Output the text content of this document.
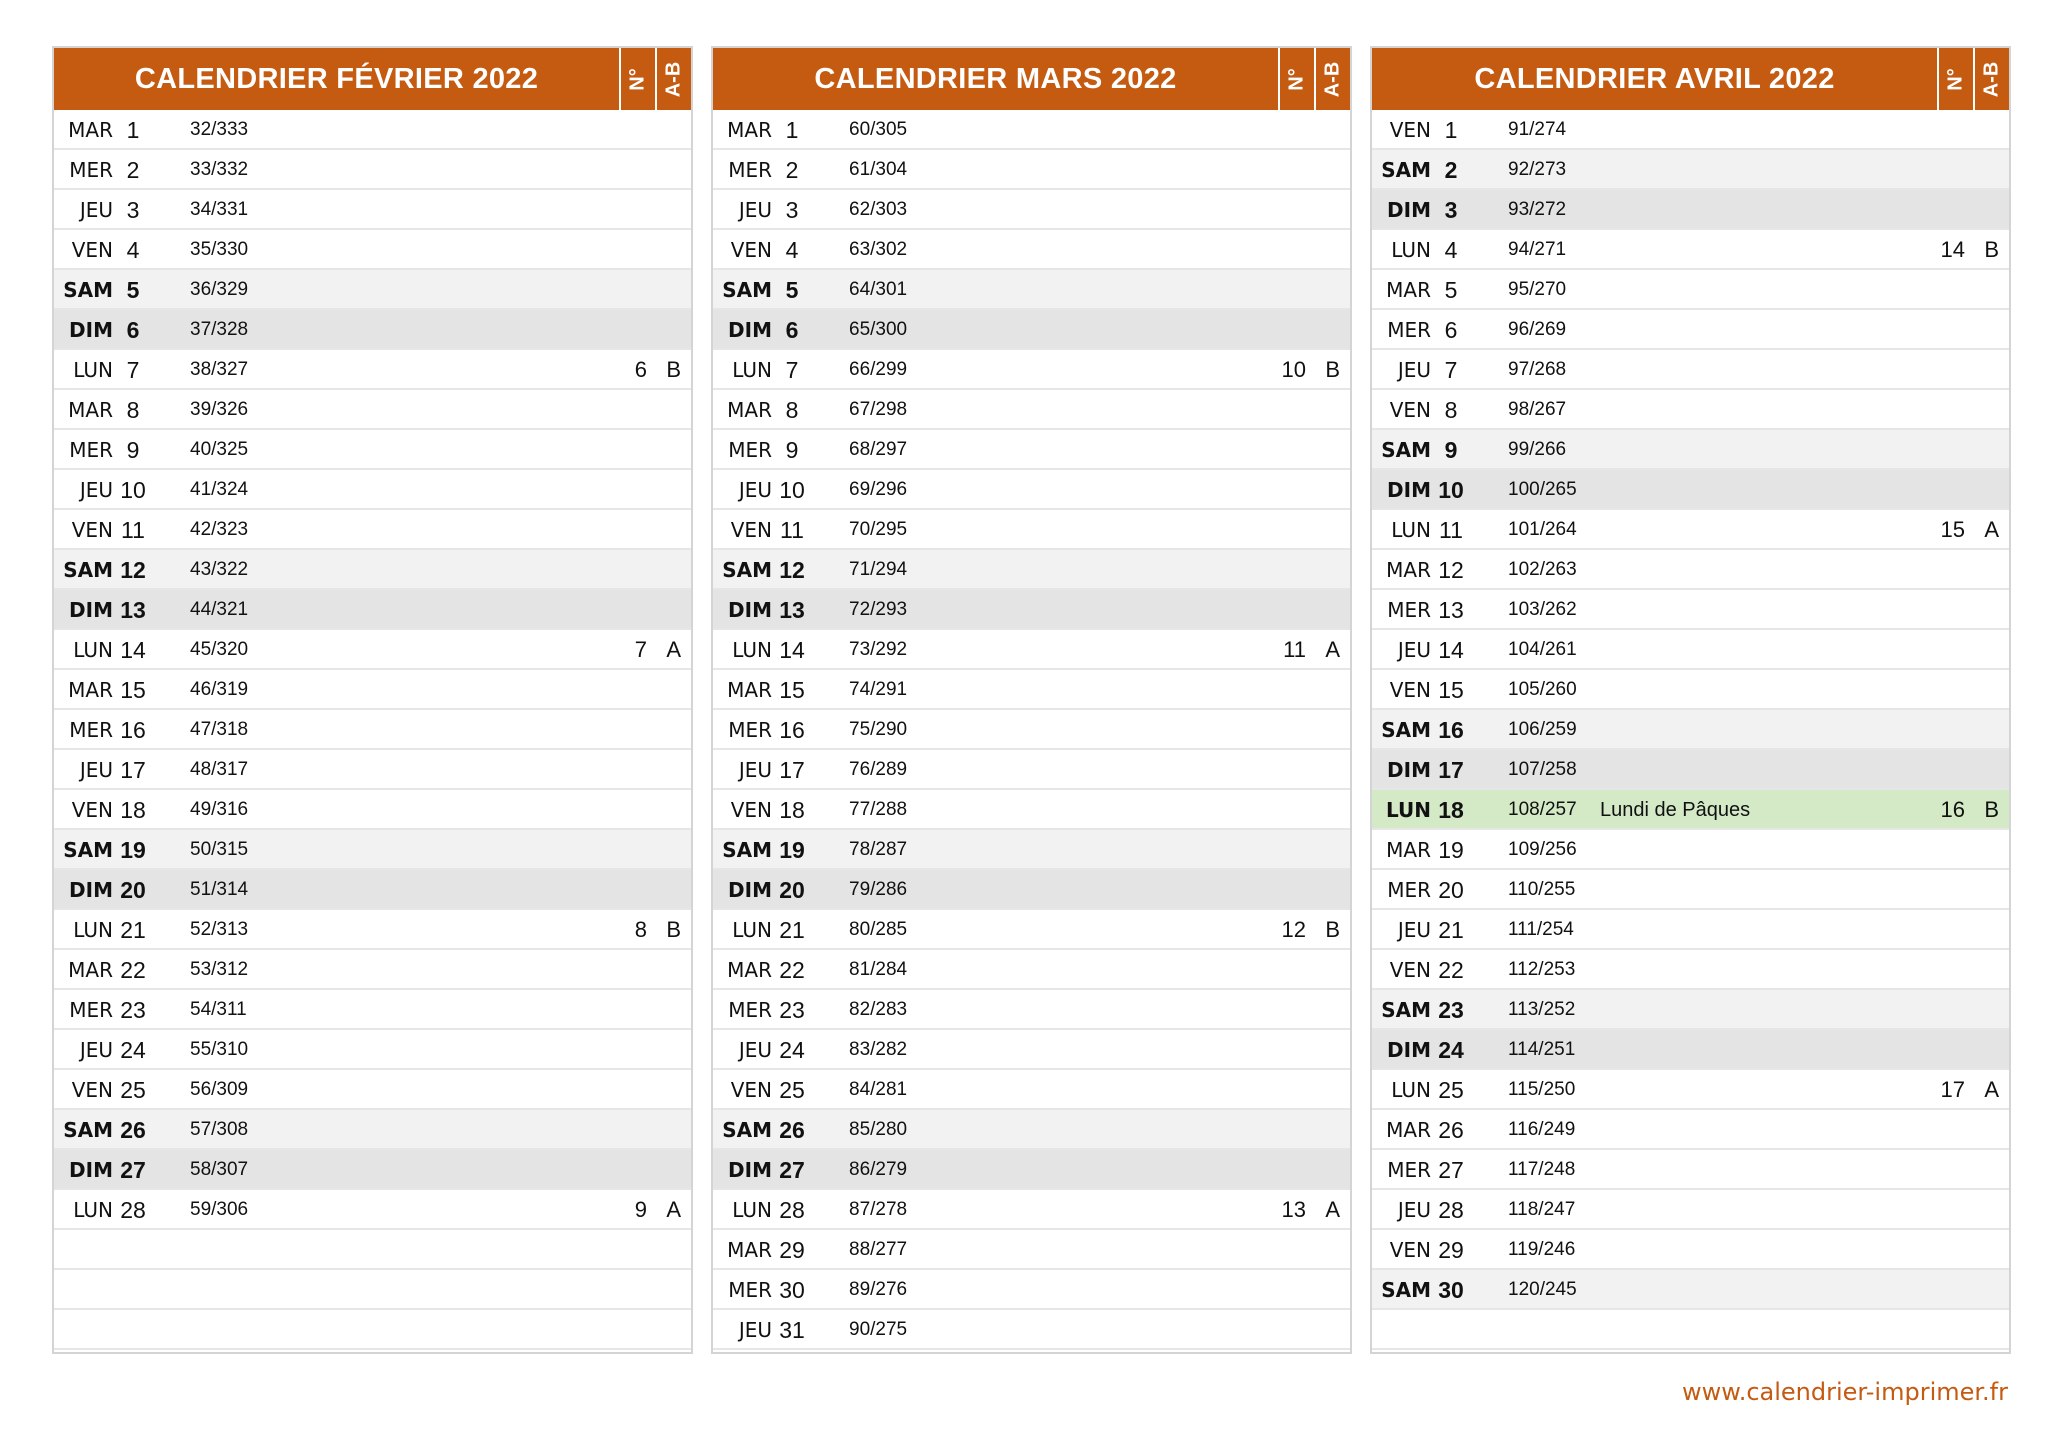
CALENDRIER FÉVRIER 2022	N° A-B
MAR 1	32/333
MER 2	33/332
JEU 3	34/331
VEN 4	35/330
SAM 5	36/329
DIM 6	37/328
LUN 7	38/327	6 B
MAR 8	39/326
MER 9	40/325
JEU 10	41/324
VEN 11	42/323
SAM 12	43/322
DIM 13	44/321
LUN 14	45/320	7 A
MAR 15	46/319
MER 16	47/318
JEU 17	48/317
VEN 18	49/316
SAM 19	50/315
DIM 20	51/314
LUN 21	52/313	8 B
MAR 22	53/312
MER 23	54/311
JEU 24	55/310
VEN 25	56/309
SAM 26	57/308
DIM 27	58/307
LUN 28	59/306	9 A
CALENDRIER MARS 2022	N° A-B
MAR 1	60/305
MER 2	61/304
JEU 3	62/303
VEN 4	63/302
SAM 5	64/301
DIM 6	65/300
LUN 7	66/299	10 B
MAR 8	67/298
MER 9	68/297
JEU 10	69/296
VEN 11	70/295
SAM 12	71/294
DIM 13	72/293
LUN 14	73/292	11 A
MAR 15	74/291
MER 16	75/290
JEU 17	76/289
VEN 18	77/288
SAM 19	78/287
DIM 20	79/286
LUN 21	80/285	12 B
MAR 22	81/284
MER 23	82/283
JEU 24	83/282
VEN 25	84/281
SAM 26	85/280
DIM 27	86/279
LUN 28	87/278	13 A
MAR 29	88/277
MER 30	89/276
JEU 31	90/275
CALENDRIER AVRIL 2022	N° A-B
VEN 1	91/274
SAM 2	92/273
DIM 3	93/272
LUN 4	94/271	14 B
MAR 5	95/270
MER 6	96/269
JEU 7	97/268
VEN 8	98/267
SAM 9	99/266
DIM 10	100/265
LUN 11	101/264	15 A
MAR 12	102/263
MER 13	103/262
JEU 14	104/261
VEN 15	105/260
SAM 16	106/259
DIM 17	107/258
LUN 18	108/257 Lundi de Pâques	16 B
MAR 19	109/256
MER 20	110/255
JEU 21	111/254
VEN 22	112/253
SAM 23	113/252
DIM 24	114/251
LUN 25	115/250	17 A
MAR 26	116/249
MER 27	117/248
JEU 28	118/247
VEN 29	119/246
SAM 30	120/245
www.calendrier-imprimer.fr
